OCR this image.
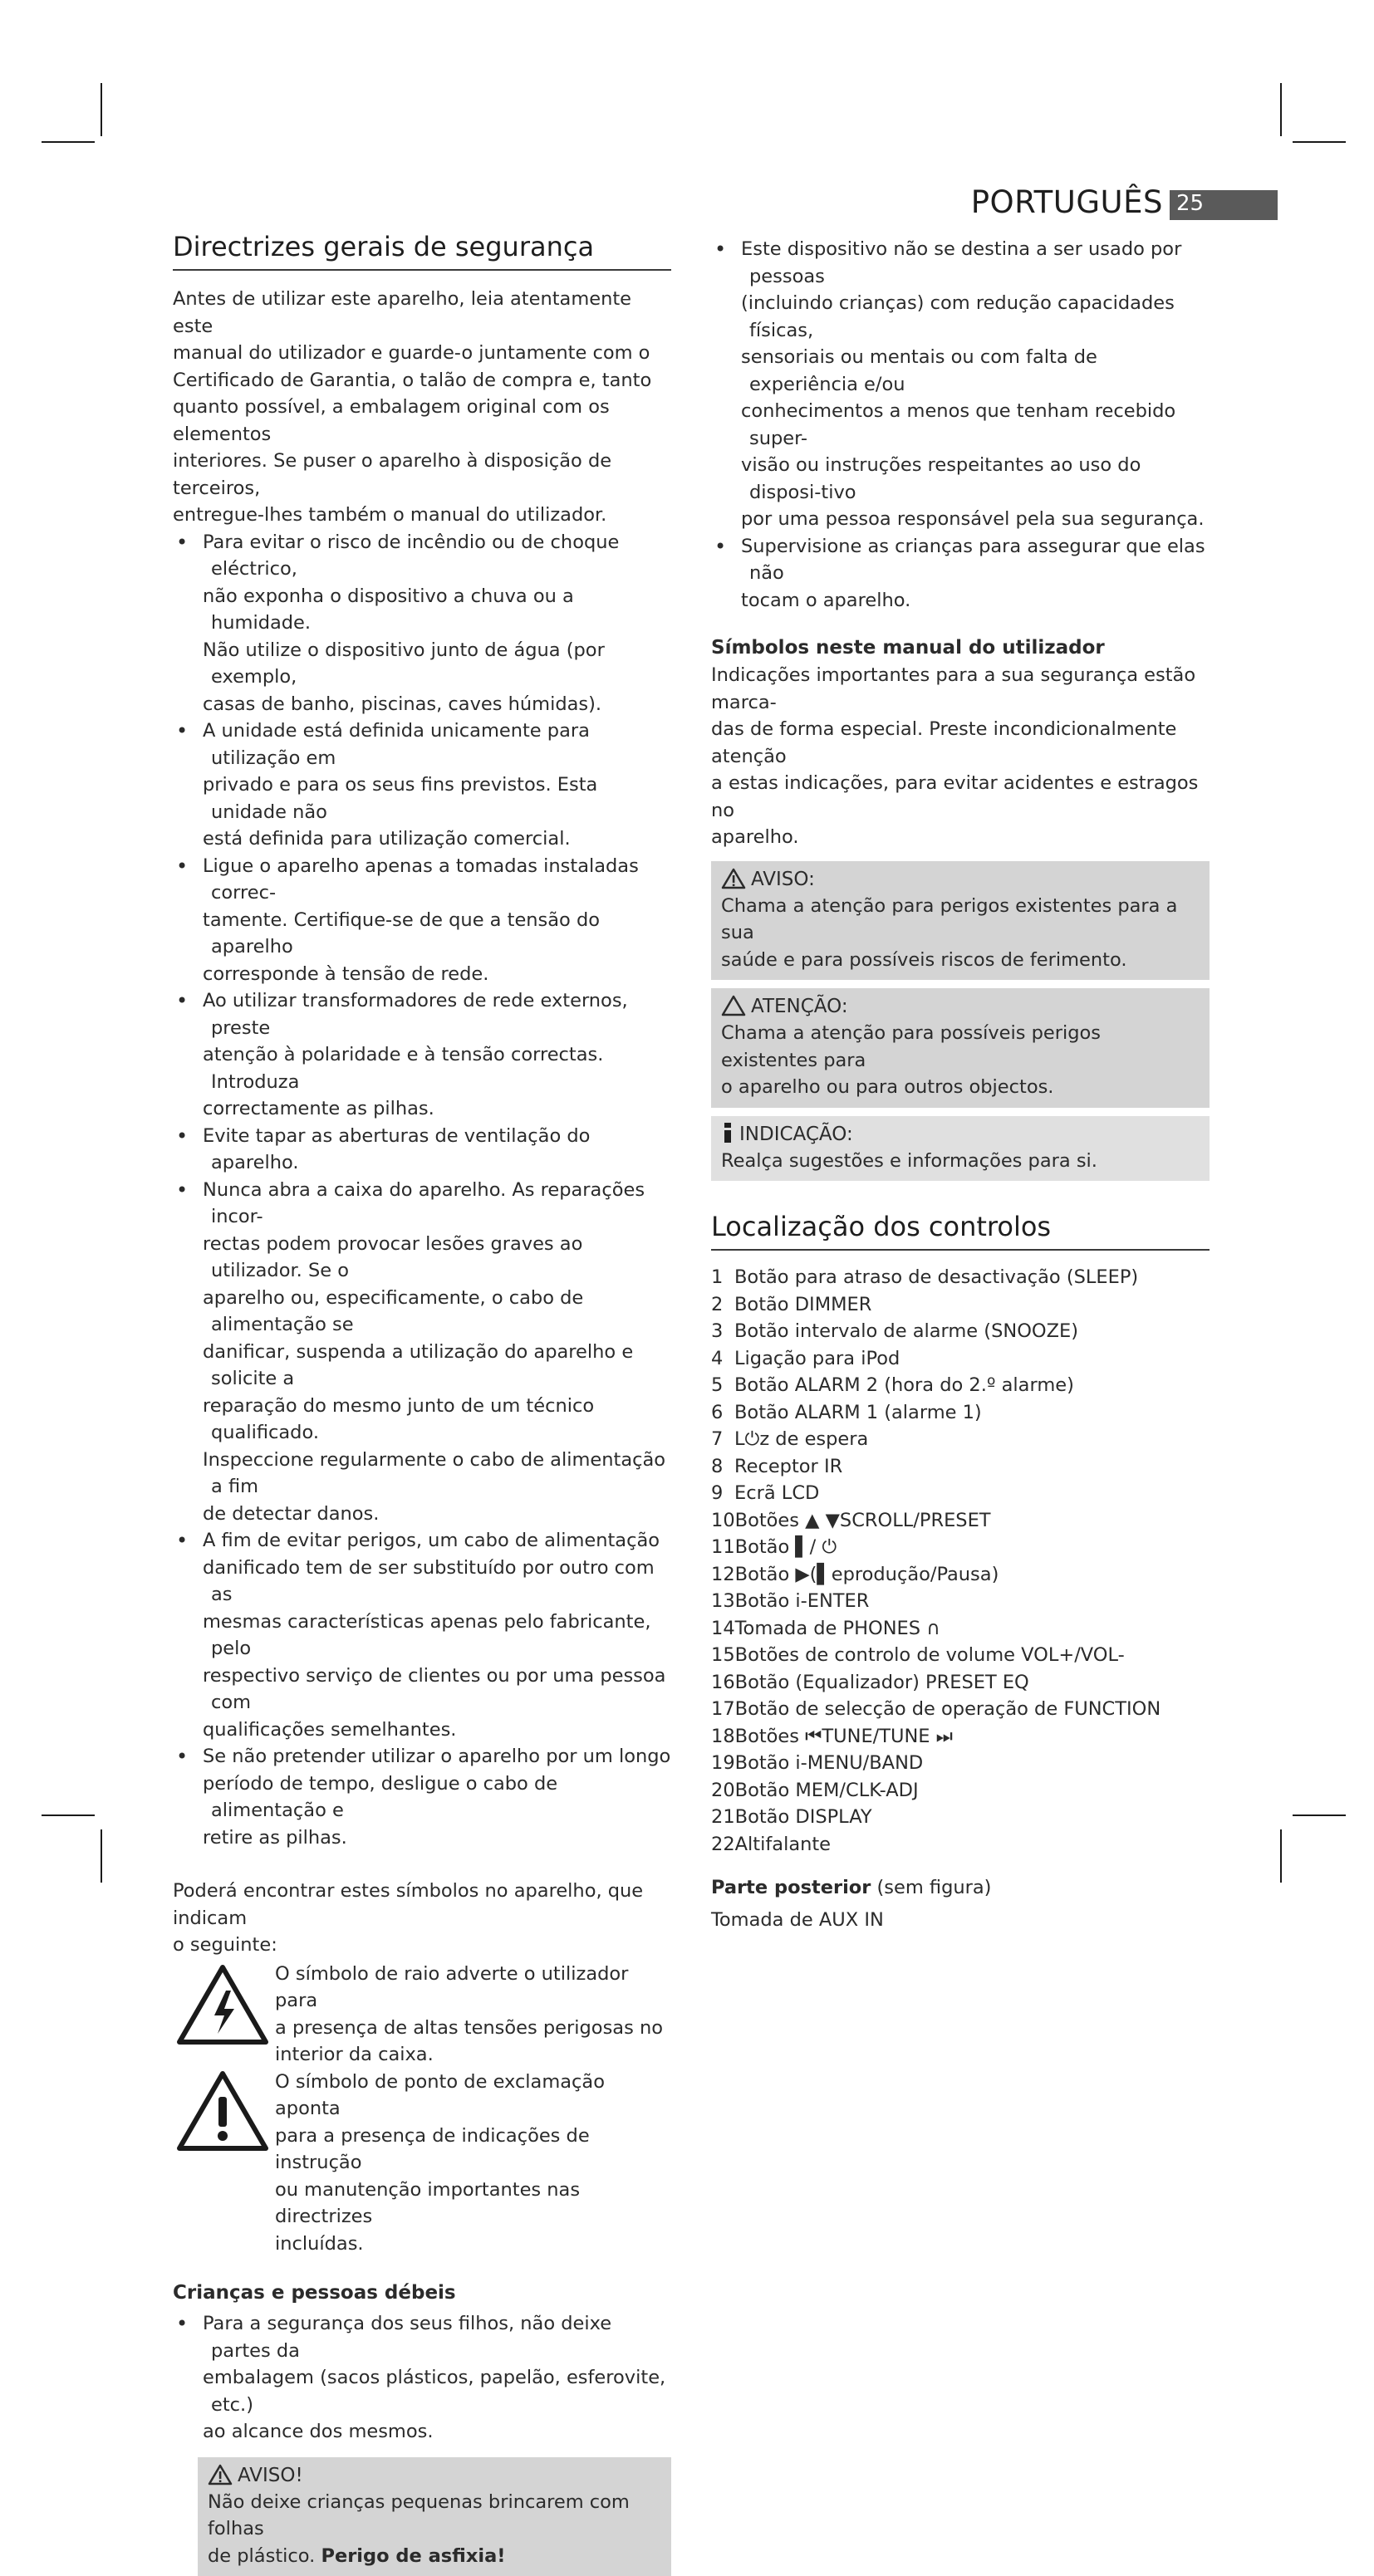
PORTUGUÊS 25
Directrizes gerais de segurança

Antes de utilizar este aparelho, leia atentamente este

manual do utilizador e guarde-o juntamente com o

Certificado de Garantia, o talão de compra e, tanto

quanto possível, a embalagem original com os elementos

interiores. Se puser o aparelho à disposição de terceiros,

entregue-lhes também o manual do utilizador.

• Para evitar o risco de incêndio ou de choque eléctrico,
não exponha o dispositivo a chuva ou a humidade.
Não utilize o dispositivo junto de água (por exemplo,
casas de banho, piscinas, caves húmidas).
• A unidade está definida unicamente para utilização em
privado e para os seus fins previstos. Esta unidade não
está definida para utilização comercial.
• Ligue o aparelho apenas a tomadas instaladas correc-
tamente. Certifique-se de que a tensão do aparelho
corresponde à tensão de rede.
• Ao utilizar transformadores de rede externos, preste
atenção à polaridade e à tensão correctas. Introduza
correctamente as pilhas.
• Evite tapar as aberturas de ventilação do aparelho.
• Nunca abra a caixa do aparelho. As reparações incor-
rectas podem provocar lesões graves ao utilizador. Se o
aparelho ou, especificamente, o cabo de alimentação se
danificar, suspenda a utilização do aparelho e solicite a
reparação do mesmo junto de um técnico qualificado.
Inspeccione regularmente o cabo de alimentação a fim
de detectar danos.
• A fim de evitar perigos, um cabo de alimentação
danificado tem de ser substituído por outro com as
mesmas características apenas pelo fabricante, pelo
respectivo serviço de clientes ou por uma pessoa com
qualificações semelhantes.
• Se não pretender utilizar o aparelho por um longo
período de tempo, desligue o cabo de alimentação e
retire as pilhas.

Poderá encontrar estes símbolos no aparelho, que indicam

o seguinte:

O símbolo de raio adverte o utilizador para

a presença de altas tensões perigosas no

interior da caixa.

O símbolo de ponto de exclamação aponta

para a presença de indicações de instrução

ou manutenção importantes nas directrizes

incluídas.

Crianças e pessoas débeis
• Para a segurança dos seus filhos, não deixe partes da
embalagem (sacos plásticos, papelão, esferovite, etc.)
ao alcance dos mesmos.
AVISO!

Não deixe crianças pequenas brincarem com folhas

de plástico. Perigo de asfixia!

• Este dispositivo não se destina a ser usado por pessoas
(incluindo crianças) com redução capacidades físicas,
sensoriais ou mentais ou com falta de experiência e/ou
conhecimentos a menos que tenham recebido super-
visão ou instruções respeitantes ao uso do disposi-tivo
por uma pessoa responsável pela sua segurança.
• Supervisione as crianças para assegurar que elas não
tocam o aparelho.
Símbolos neste manual do utilizador

Indicações importantes para a sua segurança estão marca-

das de forma especial. Preste incondicionalmente atenção

a estas indicações, para evitar acidentes e estragos no

aparelho.

AVISO:

Chama a atenção para perigos existentes para a sua

saúde e para possíveis riscos de ferimento.

ATENÇÃO:

Chama a atenção para possíveis perigos existentes para

o aparelho ou para outros objectos.

INDICAÇÃO:

Realça sugestões e informações para si.

Localização dos controlos
1 Botão para atraso de desactivação (SLEEP)
2 Botão DIMMER
3 Botão intervalo de alarme (SNOOZE)
4 Ligação para iPod
5 Botão ALARM 2 (hora do 2.º alarme)
6 Botão ALARM 1 (alarme 1)
7 L⏻z de espera
8 Receptor IR
9 Ecrã LCD
10Botões ▲ ▼SCROLL/PRESET
11Botão ▌/ ⏻
12Botão ▶(▌eprodução/Pausa)
13Botão i-ENTER
14Tomada de PHONES ∩
15Botões de controlo de volume VOL+/VOL-
16Botão (Equalizador) PRESET EQ
17Botão de selecção de operação de FUNCTION
18Botões ⏮TUNE/TUNE ⏭
19Botão i-MENU/BAND
20Botão MEM/CLK-ADJ
21Botão DISPLAY
22Altifalante

Parte posterior (sem figura)

Tomada de AUX IN
